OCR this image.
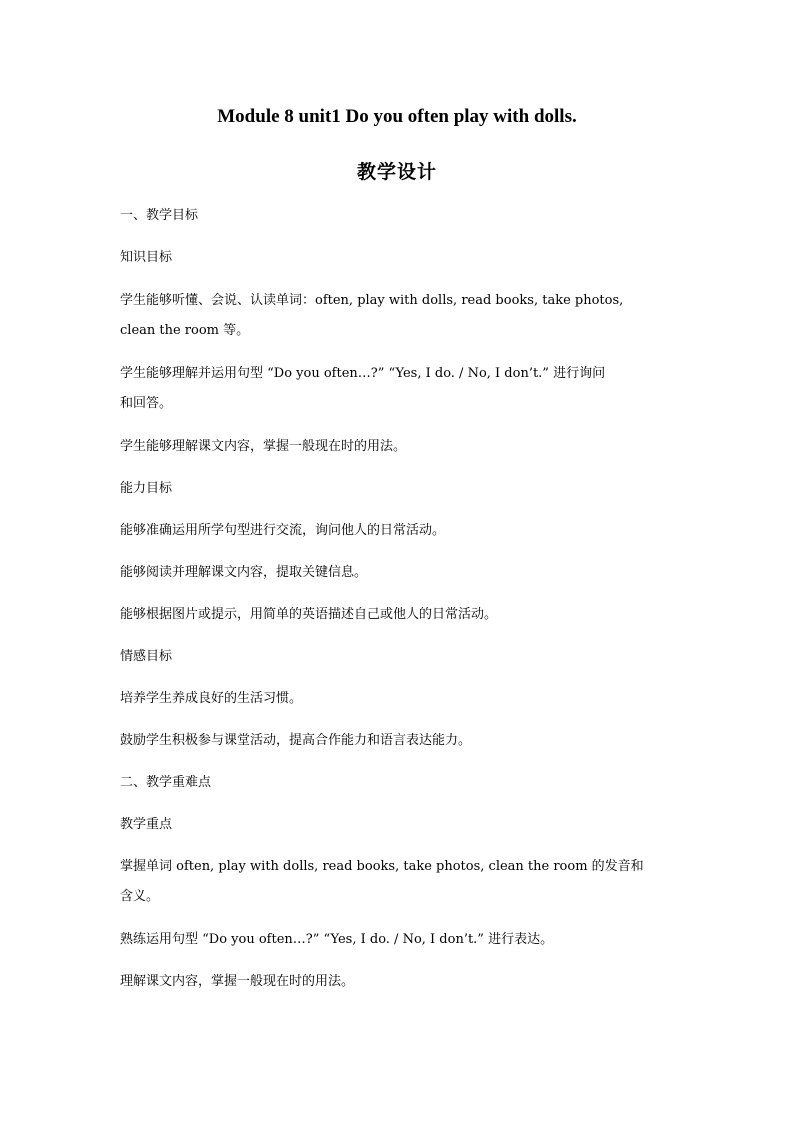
Module 8 unit1 Do you often play with dolls.
教学设计
一、教学目标
知识目标
学生能够听懂、会说、认读单词：often, play with dolls, read books, take photos,
clean the room 等。
学生能够理解并运用句型 “Do you often…?” “Yes, I do. / No, I don’t.” 进行询问
和回答。
学生能够理解课文内容，掌握一般现在时的用法。
能力目标
能够准确运用所学句型进行交流，询问他人的日常活动。
能够阅读并理解课文内容，提取关键信息。
能够根据图片或提示，用简单的英语描述自己或他人的日常活动。
情感目标
培养学生养成良好的生活习惯。
鼓励学生积极参与课堂活动，提高合作能力和语言表达能力。
二、教学重难点
教学重点
掌握单词 often, play with dolls, read books, take photos, clean the room 的发音和
含义。
熟练运用句型 “Do you often…?” “Yes, I do. / No, I don’t.” 进行表达。
理解课文内容，掌握一般现在时的用法。
